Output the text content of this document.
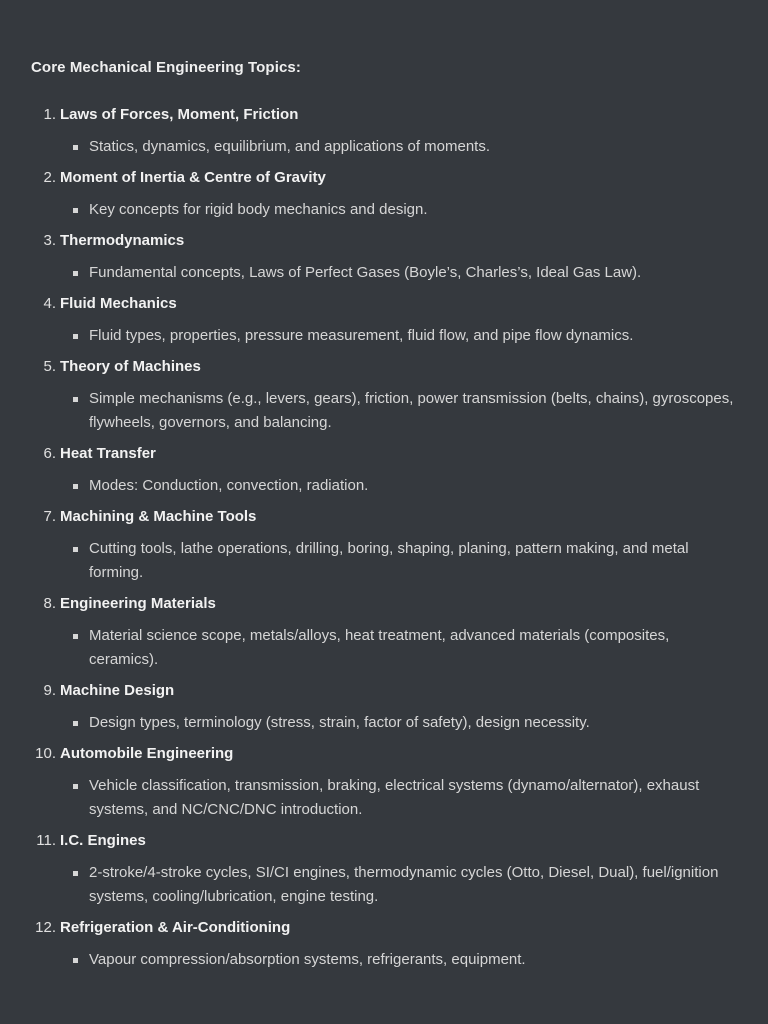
Core Mechanical Engineering Topics:
1. Laws of Forces, Moment, Friction
Statics, dynamics, equilibrium, and applications of moments.
2. Moment of Inertia & Centre of Gravity
Key concepts for rigid body mechanics and design.
3. Thermodynamics
Fundamental concepts, Laws of Perfect Gases (Boyle’s, Charles’s, Ideal Gas Law).
4. Fluid Mechanics
Fluid types, properties, pressure measurement, fluid flow, and pipe flow dynamics.
5. Theory of Machines
Simple mechanisms (e.g., levers, gears), friction, power transmission (belts, chains), gyroscopes, flywheels, governors, and balancing.
6. Heat Transfer
Modes: Conduction, convection, radiation.
7. Machining & Machine Tools
Cutting tools, lathe operations, drilling, boring, shaping, planing, pattern making, and metal forming.
8. Engineering Materials
Material science scope, metals/alloys, heat treatment, advanced materials (composites, ceramics).
9. Machine Design
Design types, terminology (stress, strain, factor of safety), design necessity.
10. Automobile Engineering
Vehicle classification, transmission, braking, electrical systems (dynamo/alternator), exhaust systems, and NC/CNC/DNC introduction.
11. I.C. Engines
2-stroke/4-stroke cycles, SI/CI engines, thermodynamic cycles (Otto, Diesel, Dual), fuel/ignition systems, cooling/lubrication, engine testing.
12. Refrigeration & Air-Conditioning
Vapour compression/absorption systems, refrigerants, equipment.
